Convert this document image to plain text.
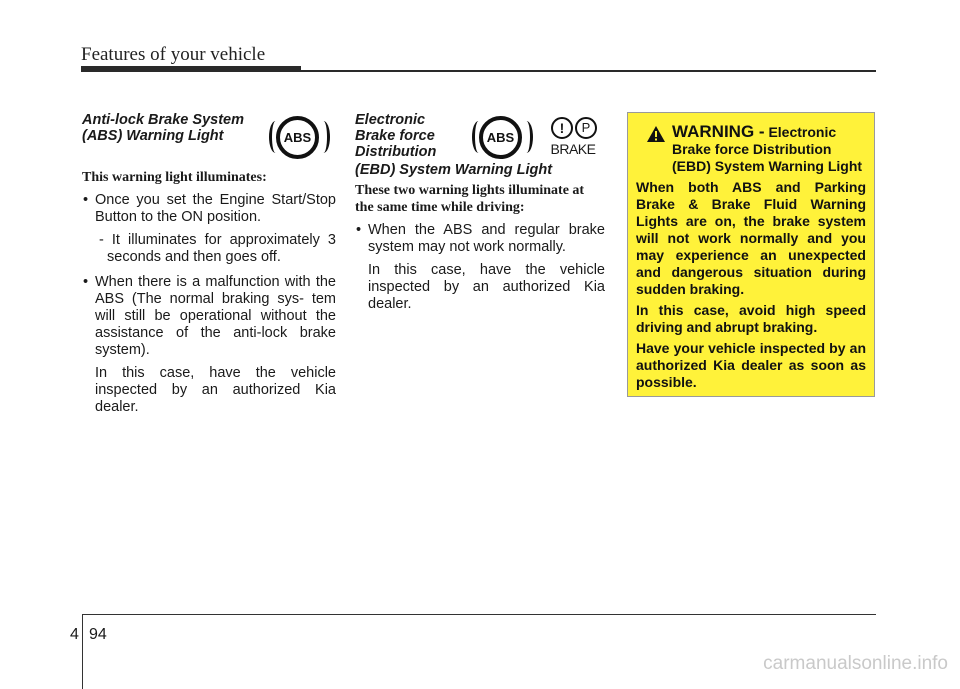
Features of your vehicle
ABS
Anti-lock Brake System
(ABS) Warning Light
This warning light illuminates:
• Once you set the Engine Start/Stop Button to the ON position.
- It illuminates for approximately 3 seconds and then goes off.
• When there is a malfunction with the ABS (The normal braking sys- tem will still be operational without the assistance of the anti-lock brake system).
In this case, have the vehicle inspected by an authorized Kia dealer.
ABS
!	P
BRAKE
Electronic
Brake force
Distribution
(EBD) System Warning Light
These two warning lights illuminate at the same time while driving:
• When the ABS and regular brake system may not work normally.
In this case, have the vehicle inspected by an authorized Kia dealer.
WARNING - Electronic
Brake force Distribution
(EBD) System Warning Light

When both ABS and Parking Brake & Brake Fluid Warning Lights are on, the brake system will not work normally and you may experience an unexpected and dangerous situation during sudden braking.

In this case, avoid high speed driving and abrupt braking.

Have your vehicle inspected by an authorized Kia dealer as soon as possible.

4 94
carmanualsonline.info
